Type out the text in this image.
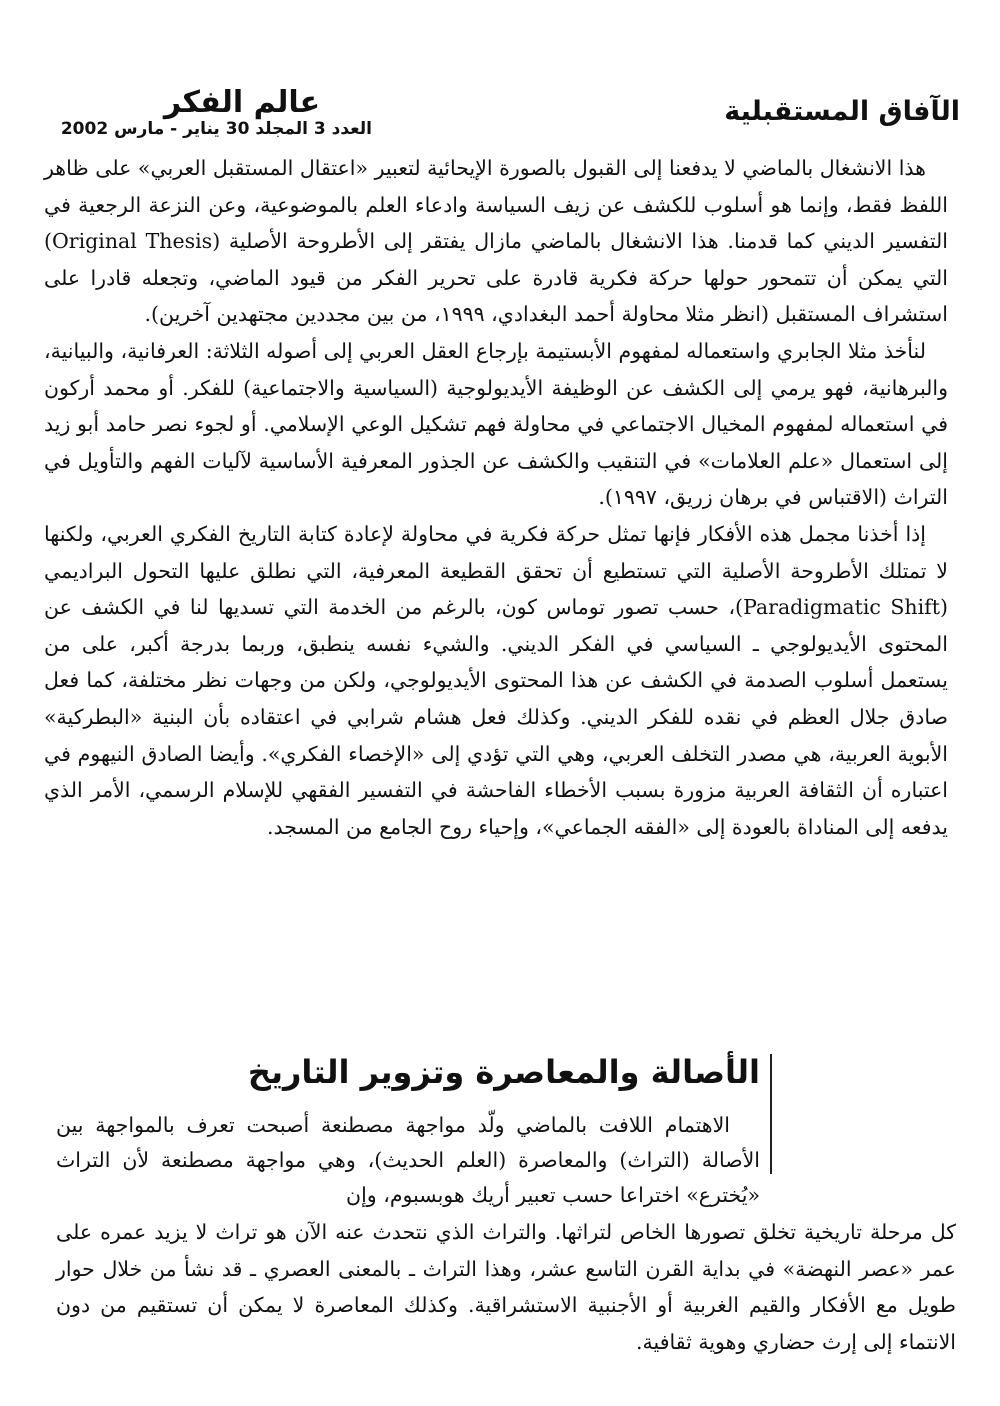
الآفاق المستقبلية
عالم الفكر
العدد 3 المجلد 30 يناير - مارس 2002

هذا الانشغال بالماضي لا يدفعنا إلى القبول بالصورة الإيحائية لتعبير «اعتقال المستقبل العربي» على ظاهر اللفظ فقط، وإنما هو أسلوب للكشف عن زيف السياسة وادعاء العلم بالموضوعية، وعن النزعة الرجعية في التفسير الديني كما قدمنا. هذا الانشغال بالماضي مازال يفتقر إلى الأطروحة الأصلية (Original Thesis) التي يمكن أن تتمحور حولها حركة فكرية قادرة على تحرير الفكر من قيود الماضي، وتجعله قادرا على استشراف المستقبل (انظر مثلا محاولة أحمد البغدادي، ١٩٩٩، من بين مجددين مجتهدين آخرين).

لنأخذ مثلا الجابري واستعماله لمفهوم الأبستيمة بإرجاع العقل العربي إلى أصوله الثلاثة: العرفانية، والبيانية، والبرهانية، فهو يرمي إلى الكشف عن الوظيفة الأيديولوجية (السياسية والاجتماعية) للفكر. أو محمد أركون في استعماله لمفهوم المخيال الاجتماعي في محاولة فهم تشكيل الوعي الإسلامي. أو لجوء نصر حامد أبو زيد إلى استعمال «علم العلامات» في التنقيب والكشف عن الجذور المعرفية الأساسية لآليات الفهم والتأويل في التراث (الاقتباس في برهان زريق، ١٩٩٧).

إذا أخذنا مجمل هذه الأفكار فإنها تمثل حركة فكرية في محاولة لإعادة كتابة التاريخ الفكري العربي، ولكنها لا تمتلك الأطروحة الأصلية التي تستطيع أن تحقق القطيعة المعرفية، التي نطلق عليها التحول البراديمي (Paradigmatic Shift)، حسب تصور توماس كون، بالرغم من الخدمة التي تسديها لنا في الكشف عن المحتوى الأيديولوجي ـ السياسي في الفكر الديني. والشيء نفسه ينطبق، وربما بدرجة أكبر، على من يستعمل أسلوب الصدمة في الكشف عن هذا المحتوى الأيديولوجي، ولكن من وجهات نظر مختلفة، كما فعل صادق جلال العظم في نقده للفكر الديني. وكذلك فعل هشام شرابي في اعتقاده بأن البنية «البطركية» الأبوية العربية، هي مصدر التخلف العربي، وهي التي تؤدي إلى «الإخصاء الفكري». وأيضا الصادق النيهوم في اعتباره أن الثقافة العربية مزورة بسبب الأخطاء الفاحشة في التفسير الفقهي للإسلام الرسمي، الأمر الذي يدفعه إلى المناداة بالعودة إلى «الفقه الجماعي»، وإحياء روح الجامع من المسجد.

الأصالة والمعاصرة وتزوير التاريخ

الاهتمام اللافت بالماضي ولّد مواجهة مصطنعة أصبحت تعرف بالمواجهة بين الأصالة (التراث) والمعاصرة (العلم الحديث)، وهي مواجهة مصطنعة لأن التراث «يُخترع» اختراعا حسب تعبير أريك هوبسبوم، وإن

كل مرحلة تاريخية تخلق تصورها الخاص لتراثها. والتراث الذي نتحدث عنه الآن هو تراث لا يزيد عمره على عمر «عصر النهضة» في بداية القرن التاسع عشر، وهذا التراث ـ بالمعنى العصري ـ قد نشأ من خلال حوار طويل مع الأفكار والقيم الغربية أو الأجنبية الاستشراقية. وكذلك المعاصرة لا يمكن أن تستقيم من دون الانتماء إلى إرث حضاري وهوية ثقافية.
